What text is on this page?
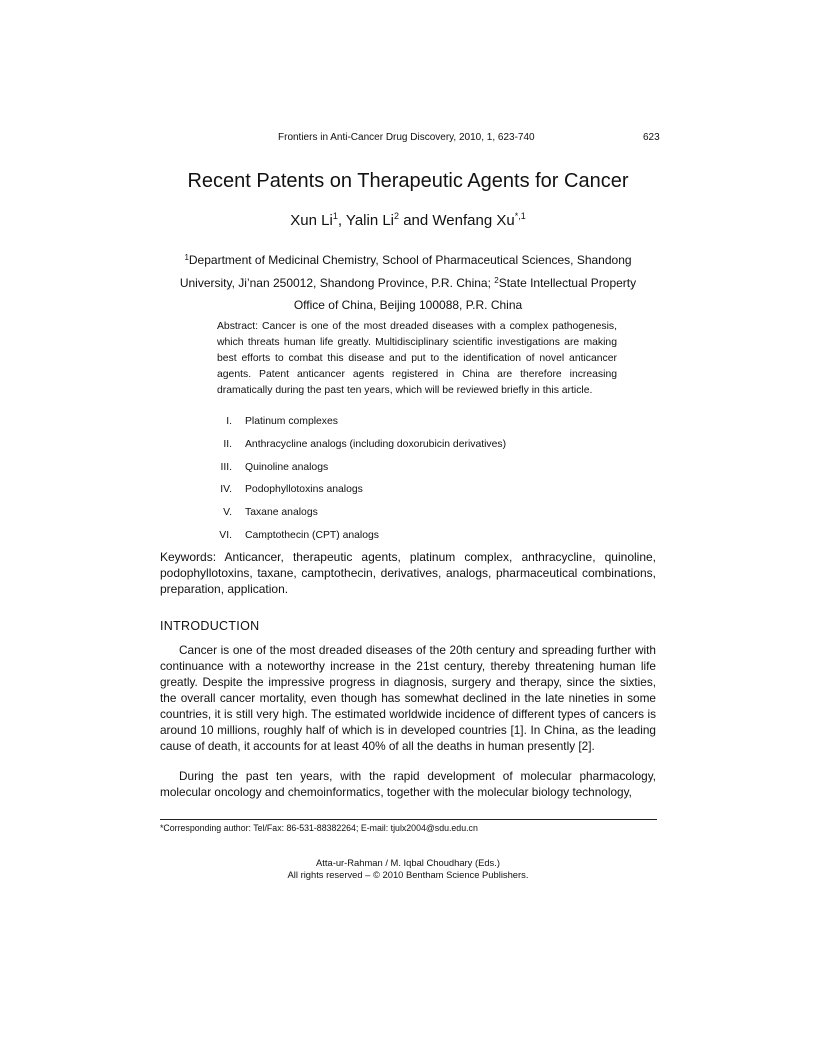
Frontiers in Anti-Cancer Drug Discovery, 2010, 1, 623-740	623
Recent Patents on Therapeutic Agents for Cancer
Xun Li$^1$, Yalin Li$^2$ and Wenfang $Xu^{*,1}$
$^1$Department of Medicinal Chemistry, School of Pharmaceutical Sciences, Shandong University, Ji’nan 250012, Shandong Province, P.R. China; $^2$State Intellectual Property Office of China, Beijing 100088, P.R. China
Abstract: Cancer is one of the most dreaded diseases with a complex pathogenesis, which threats human life greatly. Multidisciplinary scientific investigations are making best efforts to combat this disease and put to the identification of novel anticancer agents. Patent anticancer agents registered in China are therefore increasing dramatically during the past ten years, which will be reviewed briefly in this article.
I. Platinum complexes
II. Anthracycline analogs (including doxorubicin derivatives)
III. Quinoline analogs
IV. Podophyllotoxins analogs
V. Taxane analogs
VI. Camptothecin (CPT) analogs
Keywords: Anticancer, therapeutic agents, platinum complex, anthracycline, quinoline, podophyllotoxins, taxane, camptothecin, derivatives, analogs, pharmaceutical combinations, preparation, application.
INTRODUCTION

Cancer is one of the most dreaded diseases of the 20th century and spreading further with continuance with a noteworthy increase in the 21st century, thereby threatening human life greatly. Despite the impressive progress in diagnosis, surgery and therapy, since the sixties, the overall cancer mortality, even though has somewhat declined in the late nineties in some countries, it is still very high. The estimated worldwide incidence of different types of cancers is around 10 millions, roughly half of which is in developed countries [1]. In China, as the leading cause of death, it accounts for at least 40% of all the deaths in human presently [2].

During the past ten years, with the rapid development of molecular pharmacology, molecular oncology and chemoinformatics, together with the molecular biology technology,

*Corresponding author: Tel/Fax: 86-531-88382264; E-mail: tjulx2004@sdu.edu.cn
Atta-ur-Rahman / M. Iqbal Choudhary (Eds.)
All rights reserved – © 2010 Bentham Science Publishers.
